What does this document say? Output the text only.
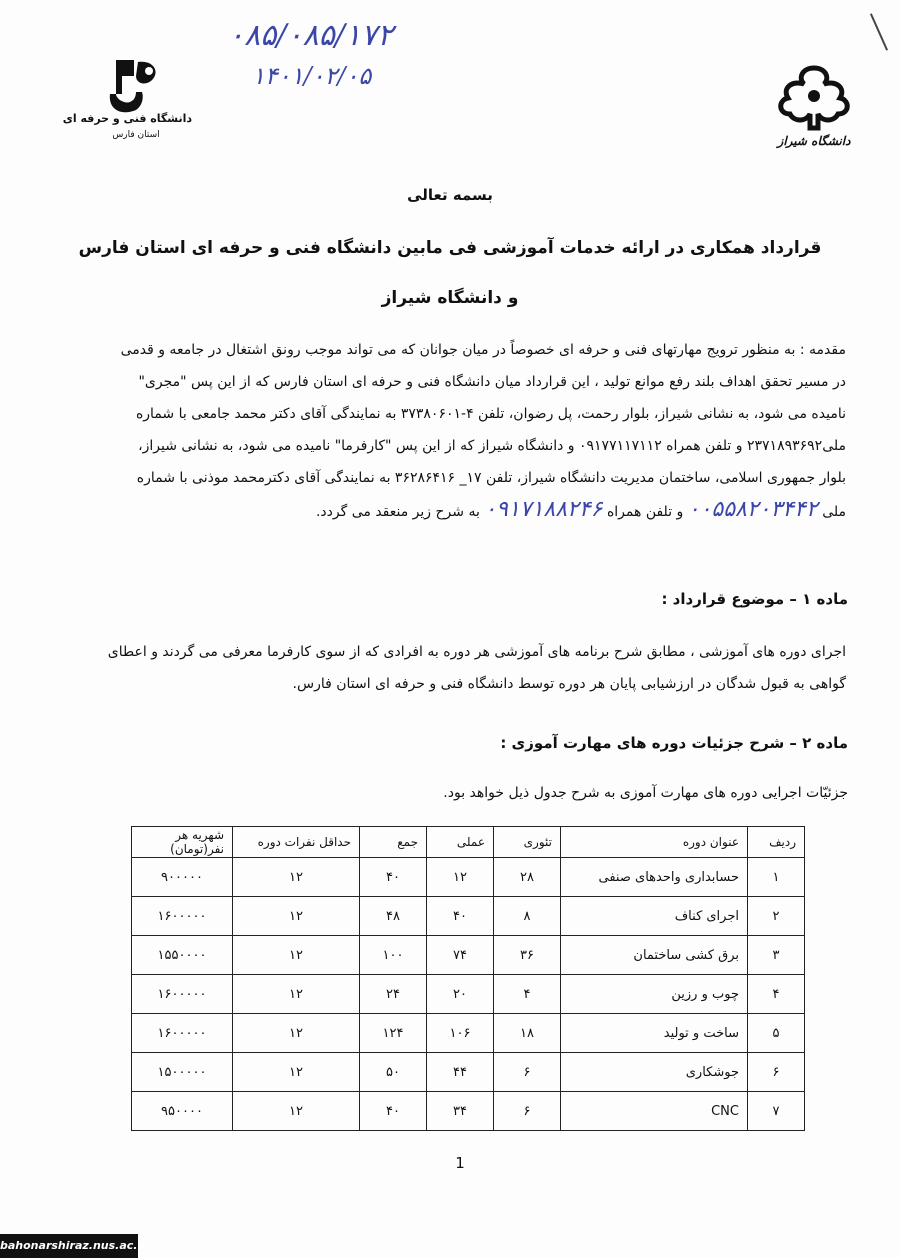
۰۸۵/۰۸۵/۱۷۲
۱۴۰۱/۰۲/۰۵
دانشگاه فنی و حرفه ای
استان فارس	دانشگاه شیراز
بسمه تعالی
قرارداد همکاری در ارائه خدمات آموزشی فی مابین دانشگاه فنی و حرفه ای استان فارس
و دانشگاه شیراز
مقدمه : به منظور ترویج مهارتهای فنی و حرفه ای خصوصاً در میان جوانان که می تواند موجب رونق اشتغال در جامعه و قدمی
در مسیر تحقق اهداف بلند رفع موانع تولید ، این قرارداد میان دانشگاه فنی و حرفه ای استان فارس که از این پس "مجری"
نامیده می شود، به نشانی شیراز، بلوار رحمت، پل رضوان، تلفن ۴-۳۷۳۸۰۶۰۱ به نمایندگی آقای دکتر محمد جامعی با شماره
ملی۲۳۷۱۸۹۳۶۹۲ و تلفن همراه ۰۹۱۷۷۱۱۷۱۱۲ و دانشگاه شیراز که از این پس "کارفرما" نامیده می شود، به نشانی شیراز،
بلوار جمهوری اسلامی، ساختمان مدیریت دانشگاه شیراز، تلفن ۱۷_ ۳۶۲۸۶۴۱۶ به نمایندگی آقای دکترمحمد موذنی با شماره
ملی ۰۰۵۵۸۲۰۳۴۴۲ و تلفن همراه ۰۹۱۷۱۸۸۲۴۶ به شرح زیر منعقد می گردد.
ماده ۱ – موضوع قرارداد :
اجرای دوره های آموزشی ، مطابق شرح برنامه های آموزشی هر دوره به افرادی که از سوی کارفرما معرفی می گردند و اعطای
گواهی به قبول شدگان در ارزشیابی پایان هر دوره توسط دانشگاه فنی و حرفه ای استان فارس.
ماده ۲ – شرح جزئیات دوره های مهارت آموزی :
جزئیّات اجرایی دوره های مهارت آموزی به شرح جدول ذیل خواهد بود.
ردیف	عنوان دوره	تئوری	عملی	جمع	حداقل نفرات دوره	شهریه هر نفر(تومان)
۱	حسابداری واحدهای صنفی	۲۸	۱۲	۴۰	۱۲	۹۰۰۰۰۰
۲	اجرای کناف	۸	۴۰	۴۸	۱۲	۱۶۰۰۰۰۰
۳	برق کشی ساختمان	۳۶	۷۴	۱۰۰	۱۲	۱۵۵۰۰۰۰
۴	چوب و رزین	۴	۲۰	۲۴	۱۲	۱۶۰۰۰۰۰
۵	ساخت و تولید	۱۸	۱۰۶	۱۲۴	۱۲	۱۶۰۰۰۰۰
۶	جوشکاری	۶	۴۴	۵۰	۱۲	۱۵۰۰۰۰۰
۷	CNC	۶	۳۴	۴۰	۱۲	۹۵۰۰۰۰
1
bahonarshiraz.nus.ac.ir
